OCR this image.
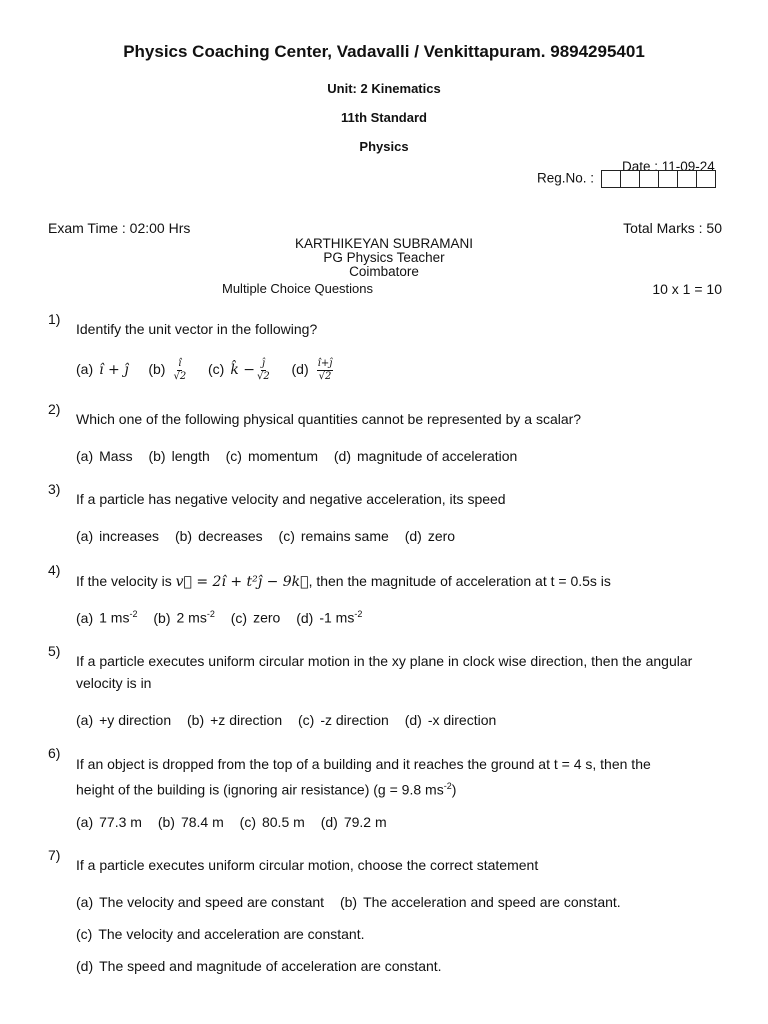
Physics Coaching Center, Vadavalli / Venkittapuram. 9894295401
Unit: 2 Kinematics
11th Standard
Physics
Date : 11-09-24
Reg.No. :
Exam Time : 02:00 Hrs	Total Marks : 50
KARTHIKEYAN SUBRAMANI
PG Physics Teacher
Coimbatore
Multiple Choice Questions	10 x 1 = 10
1)
Identify the unit vector in the following?
(a) î + ĵ $(b) \frac{î}{√2} (c)$ k̂ − $\frac{ĵ}{√2} (d) \frac{î+ĵ}{√2}$
2)
Which one of the following physical quantities cannot be represented by a scalar?
(a) Mass (b) length (c) momentum (d) magnitude of acceleration
3)
If a particle has negative velocity and negative acceleration, its speed
(a) increases (b) decreases (c) remains same (d) zero
4)
If the velocity is v⃗ = 2î + t²ĵ − 9k⃗, then the magnitude of acceleration at t = 0.5s is
(a) 1 $ms^{-2}$ (b) 2 $ms^{-2}$ (c) zero (d) -1 $ms^{-2}$
5)
If a particle executes uniform circular motion in the xy plane in clock wise direction, then the angular velocity is in
(a) +y direction (b) +z direction (c) -z direction (d) -x direction
6)
If an object is dropped from the top of a building and it reaches the ground at t = 4 s, then the
height of the building is (ignoring air resistance) (g = 9.8 $ms^{-2}$)
(a) 77.3 m (b) 78.4 m (c) 80.5 m (d) 79.2 m
7)
If a particle executes uniform circular motion, choose the correct statement
(a) The velocity and speed are constant (b) The acceleration and speed are constant.
(c) The velocity and acceleration are constant.
(d) The speed and magnitude of acceleration are constant.
